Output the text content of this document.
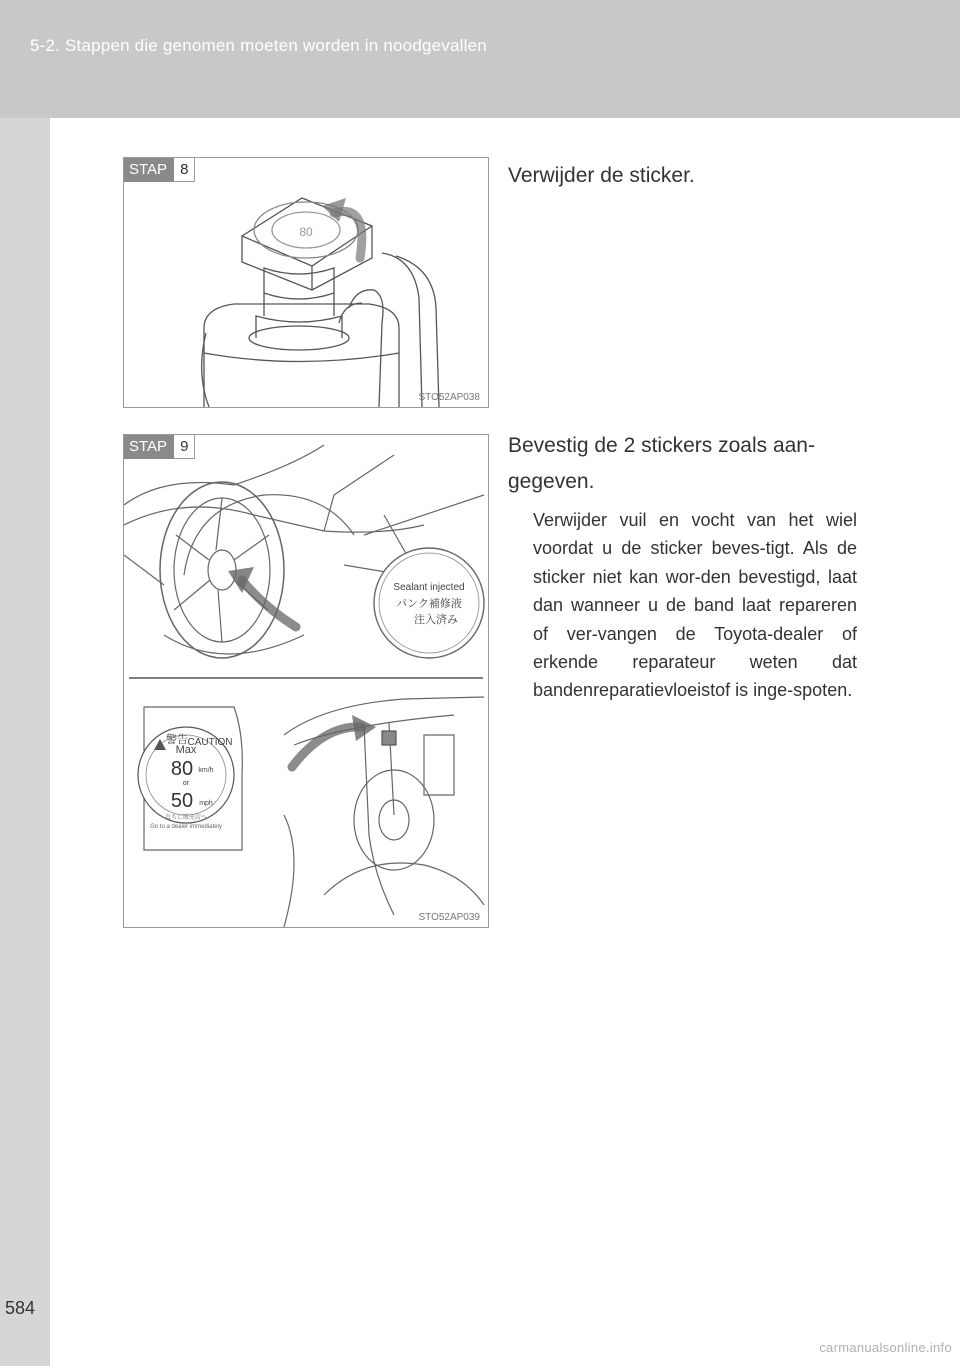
5-2. Stappen die genomen moeten worden in noodgevallen
584
carmanualsonline.info
80
STAP 8
STO52AP038
Verwijder de sticker.
Sealant injected
パンク補修液
注入済み
警告 CAUTION
Max
80 km/h
or
50 mph
直ちに販売店へ
Go to a dealer immediately
STAP 9
STO52AP039
Bevestig de 2 stickers zoals aan-gegeven.
Verwijder vuil en vocht van het wiel voordat u de sticker beves-tigt. Als de sticker niet kan wor-den bevestigd, laat dan wanneer u de band laat repareren of ver-vangen de Toyota-dealer of erkende reparateur weten dat bandenreparatievloeistof is inge-spoten.
